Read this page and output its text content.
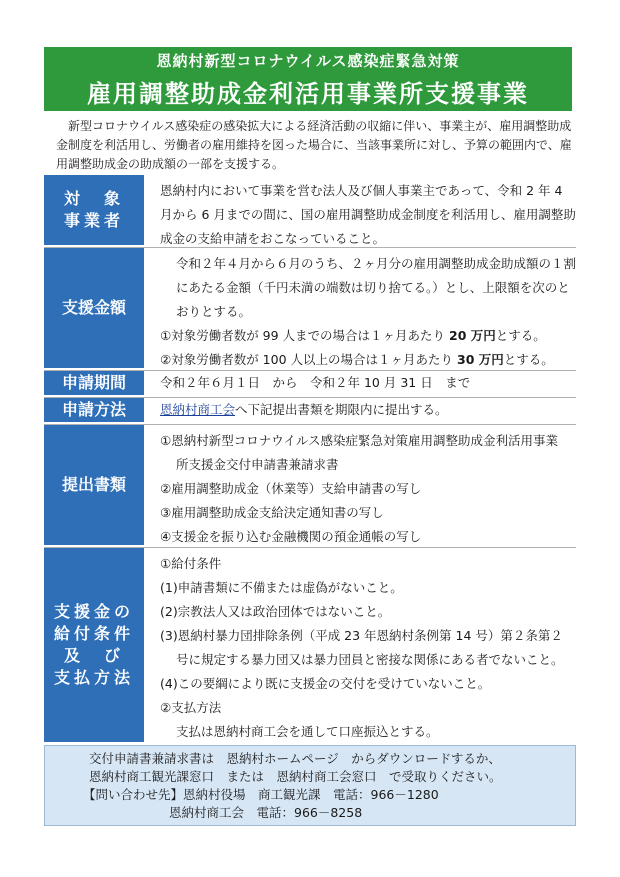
恩納村新型コロナウイルス感染症緊急対策
雇用調整助成金利活用事業所支援事業
新型コロナウイルス感染症の感染拡大による経済活動の収縮に伴い、事業主が、雇用調整助成金制度を利活用し、労働者の雇用維持を図った場合に、当該事業所に対し、予算の範囲内で、雇用調整助成金の助成額の一部を支援する。
対　象
事業者

恩納村内において事業を営む法人及び個人事業主であって、令和 2 年 4 月から 6 月までの間に、国の雇用調整助成金制度を利活用し、雇用調整助成金の支給申請をおこなっていること。

支援金額

令和２年４月から６月のうち、２ヶ月分の雇用調整助成金助成額の１割にあたる金額（千円未満の端数は切り捨てる。）とし、上限額を次のとおりとする。

①対象労働者数が 99 人までの場合は１ヶ月あたり 20 万円とする。

②対象労働者数が 100 人以上の場合は１ヶ月あたり 30 万円とする。

申請期間	令和２年６月１日　から　令和２年 10 月 31 日　まで

申請方法	恩納村商工会へ下記提出書類を期限内に提出する。

提出書類

①恩納村新型コロナウイルス感染症緊急対策雇用調整助成金利活用事業

所支援金交付申請書兼請求書

②雇用調整助成金（休業等）支給申請書の写し

③雇用調整助成金支給決定通知書の写し

④支援金を振り込む金融機関の預金通帳の写し

支援金の
給付条件
及　び
支払方法

①給付条件

(1)申請書類に不備または虚偽がないこと。

(2)宗教法人又は政治団体ではないこと。

(3)恩納村暴力団排除条例（平成 23 年恩納村条例第 14 号）第２条第２

号に規定する暴力団又は暴力団員と密接な関係にある者でないこと。

(4)この要綱により既に支援金の交付を受けていないこと。

②支払方法

支払は恩納村商工会を通して口座振込とする。

交付申請書兼請求書は　恩納村ホームページ　からダウンロードするか、

恩納村商工観光課窓口　または　恩納村商工会窓口　で受取りください。

【問い合わせ先】恩納村役場　商工観光課　電話：966－1280

恩納村商工会　電話：966－8258
